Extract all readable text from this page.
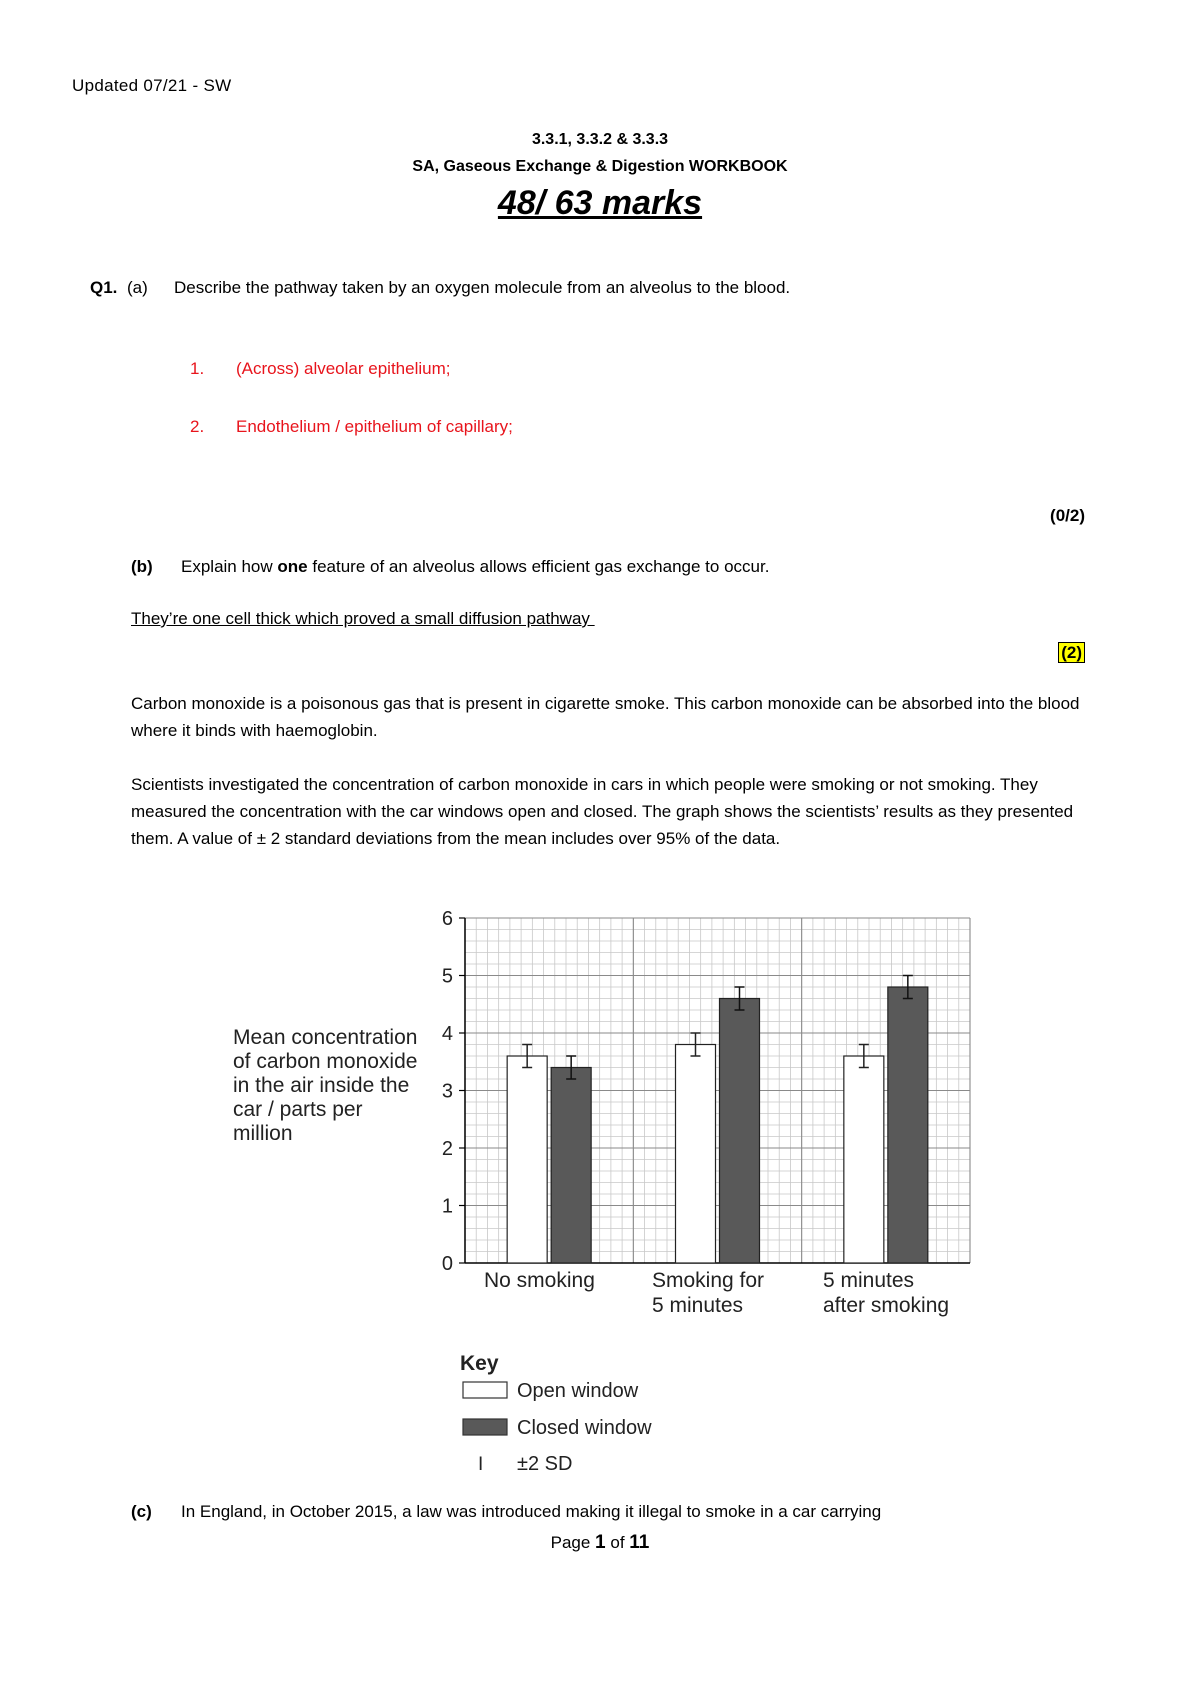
Updated 07/21 - SW
3.3.1, 3.3.2 & 3.3.3
SA, Gaseous Exchange & Digestion WORKBOOK
48/ 63 marks
Q1. (a) Describe the pathway taken by an oxygen molecule from an alveolus to the blood.
1. (Across) alveolar epithelium;
2. Endothelium / epithelium of capillary;
(0/2)
(b) Explain how one feature of an alveolus allows efficient gas exchange to occur.
They’re one cell thick which proved a small diffusion pathway
(2)
Carbon monoxide is a poisonous gas that is present in cigarette smoke. This carbon monoxide can be absorbed into the blood where it binds with haemoglobin.
Scientists investigated the concentration of carbon monoxide in cars in which people were smoking or not smoking. They measured the concentration with the car windows open and closed. The graph shows the scientists’ results as they presented them. A value of ± 2 standard deviations from the mean includes over 95% of the data.
0
1
2
3
4
5
6
Mean concentration
of carbon monoxide
in the air inside the
car / parts per
million
No smoking	Smoking for
5 minutes
5 minutes
after smoking
Key
Open window
Closed window
I ±2 SD
(c) In England, in October 2015, a law was introduced making it illegal to smoke in a car carrying
Page 1 of 11
